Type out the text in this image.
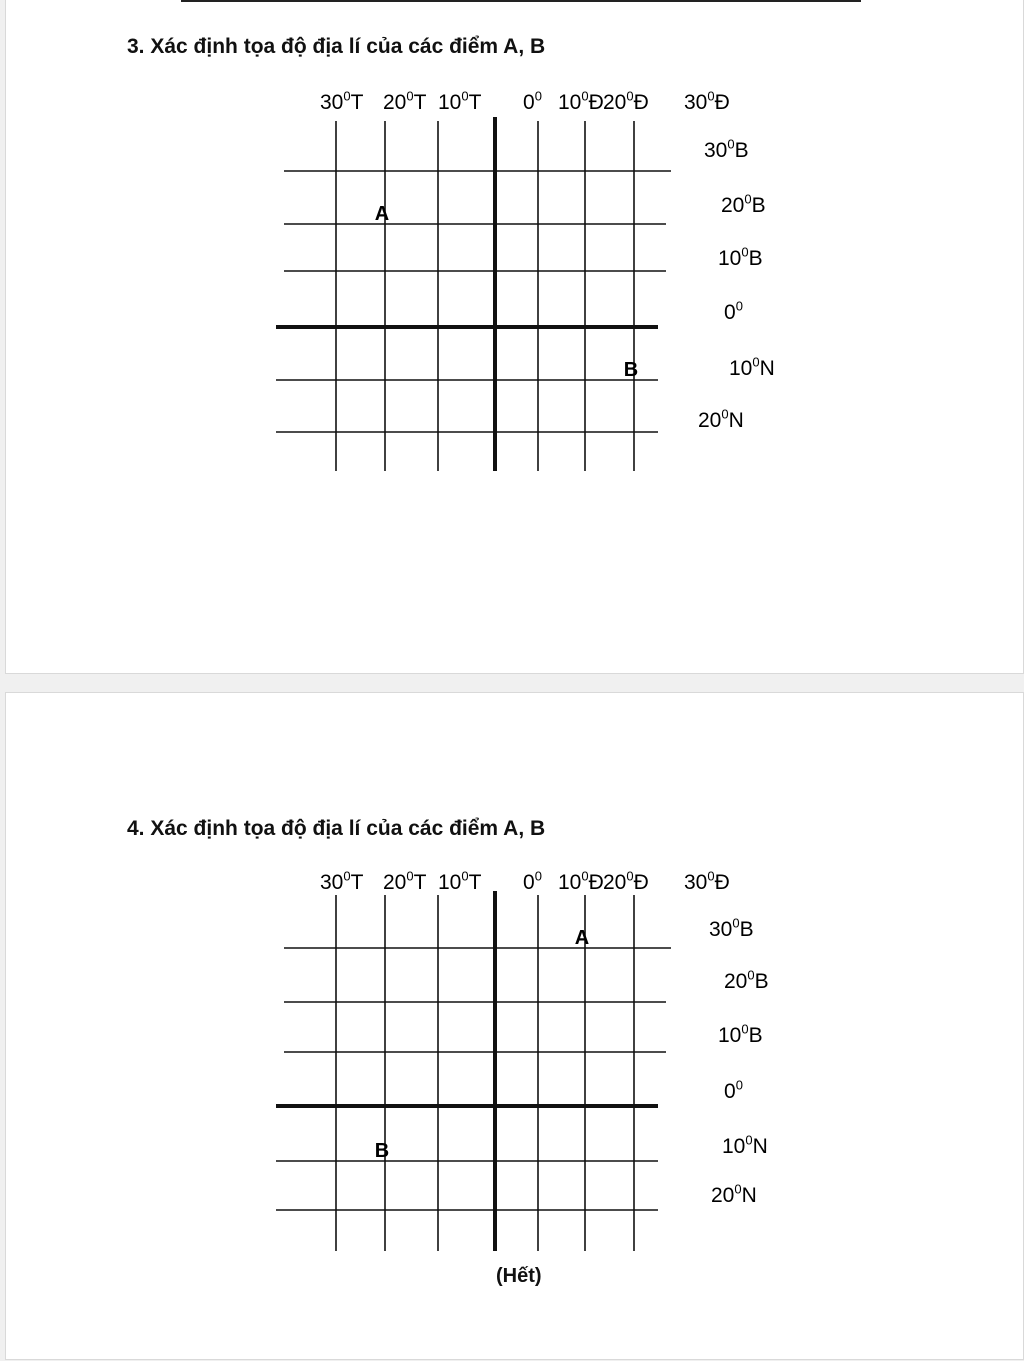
3. Xác định tọa độ địa lí của các điểm A, B
$30^0T$ $20^0T$ $10^0T$ $0^0$ $10^0Đ$ $20^0Đ$ $30^0Đ$
$30^0B$
$20^0B$
$10^0B$
$0^0$
$10^0N$
$20^0N$
A
B
4. Xác định tọa độ địa lí của các điểm A, B
$30^0T$ $20^0T$ $10^0T$ $0^0$ $10^0Đ$ $20^0Đ$ $30^0Đ$
$30^0B$
$20^0B$
$10^0B$
$0^0$
$10^0N$
$20^0N$
A
B
(Hết)
